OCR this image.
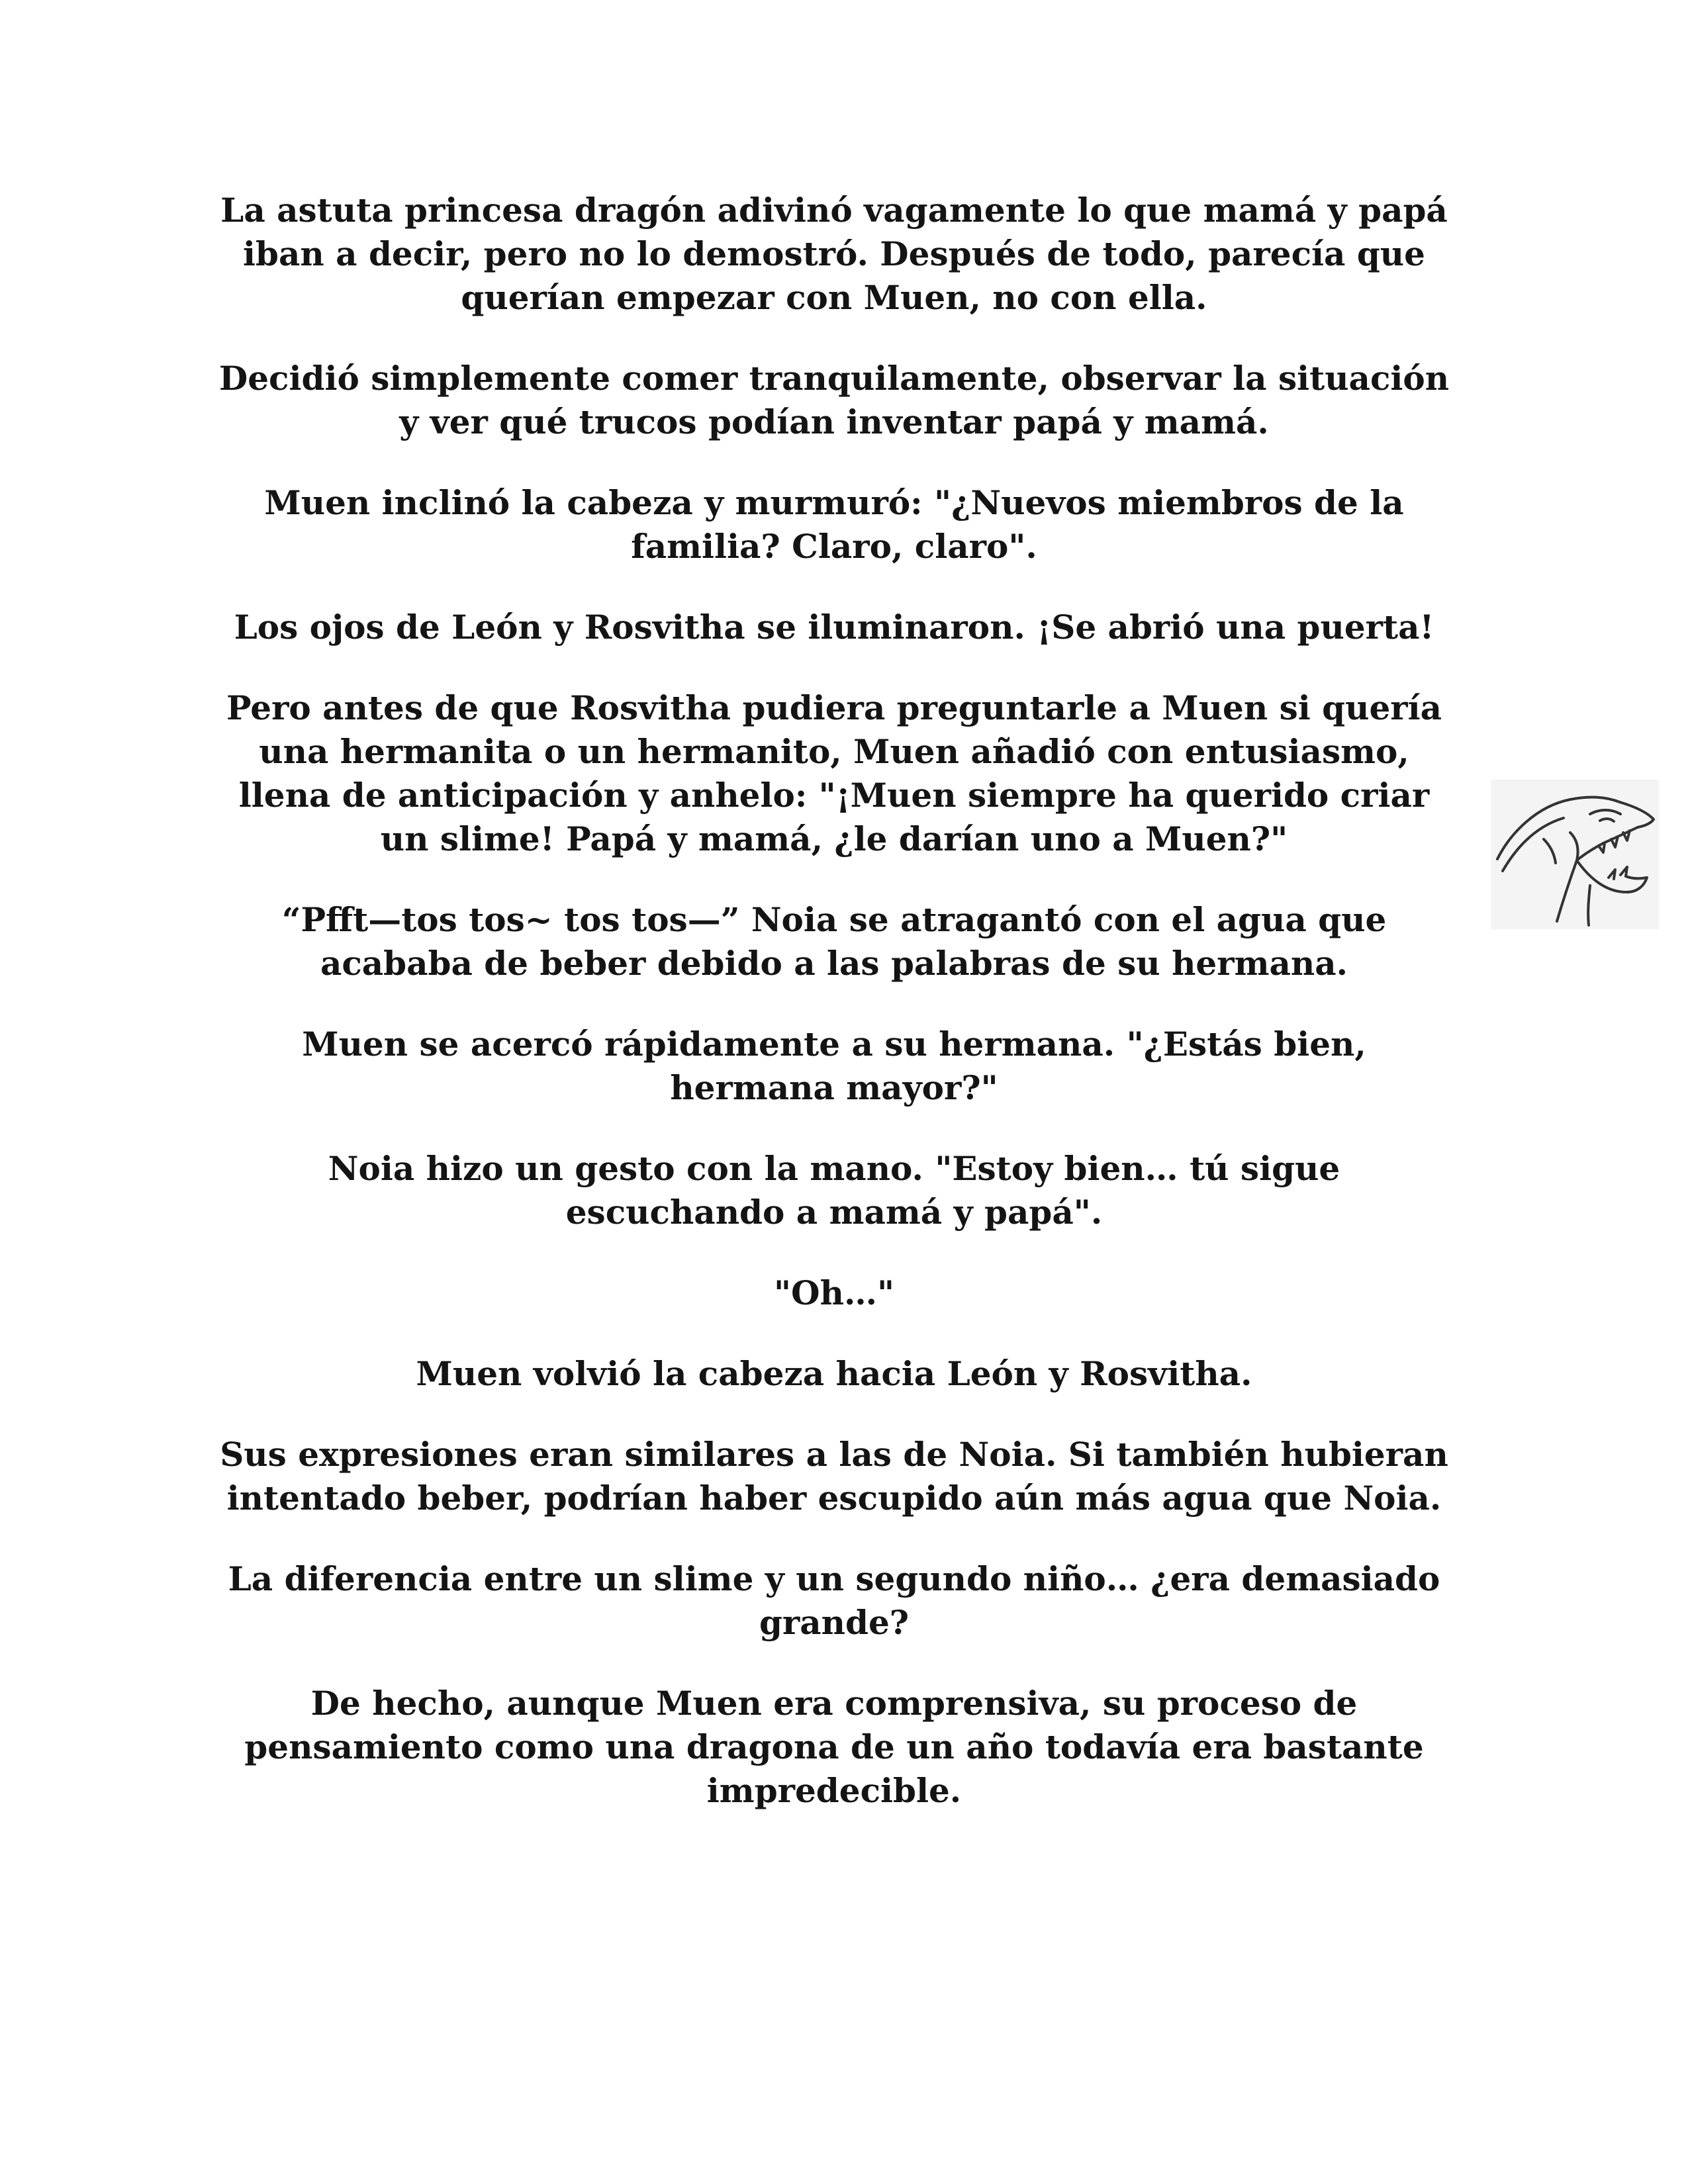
La astuta princesa dragón adivinó vagamente lo que mamá y papá iban a decir, pero no lo demostró. Después de todo, parecía que querían empezar con Muen, no con ella.

Decidió simplemente comer tranquilamente, observar la situación y ver qué trucos podían inventar papá y mamá.

Muen inclinó la cabeza y murmuró: "¿Nuevos miembros de la familia? Claro, claro".

Los ojos de León y Rosvitha se iluminaron. ¡Se abrió una puerta!

Pero antes de que Rosvitha pudiera preguntarle a Muen si quería una hermanita o un hermanito, Muen añadió con entusiasmo, llena de anticipación y anhelo: "¡Muen siempre ha querido criar un slime! Papá y mamá, ¿le darían uno a Muen?"

“Pfft—tos tos~ tos tos—” Noia se atragantó con el agua que acababa de beber debido a las palabras de su hermana.

Muen se acercó rápidamente a su hermana. "¿Estás bien, hermana mayor?"

Noia hizo un gesto con la mano. "Estoy bien… tú sigue escuchando a mamá y papá".

"Oh…"

Muen volvió la cabeza hacia León y Rosvitha.

Sus expresiones eran similares a las de Noia. Si también hubieran intentado beber, podrían haber escupido aún más agua que Noia.

La diferencia entre un slime y un segundo niño… ¿era demasiado grande?

De hecho, aunque Muen era comprensiva, su proceso de pensamiento como una dragona de un año todavía era bastante impredecible.
